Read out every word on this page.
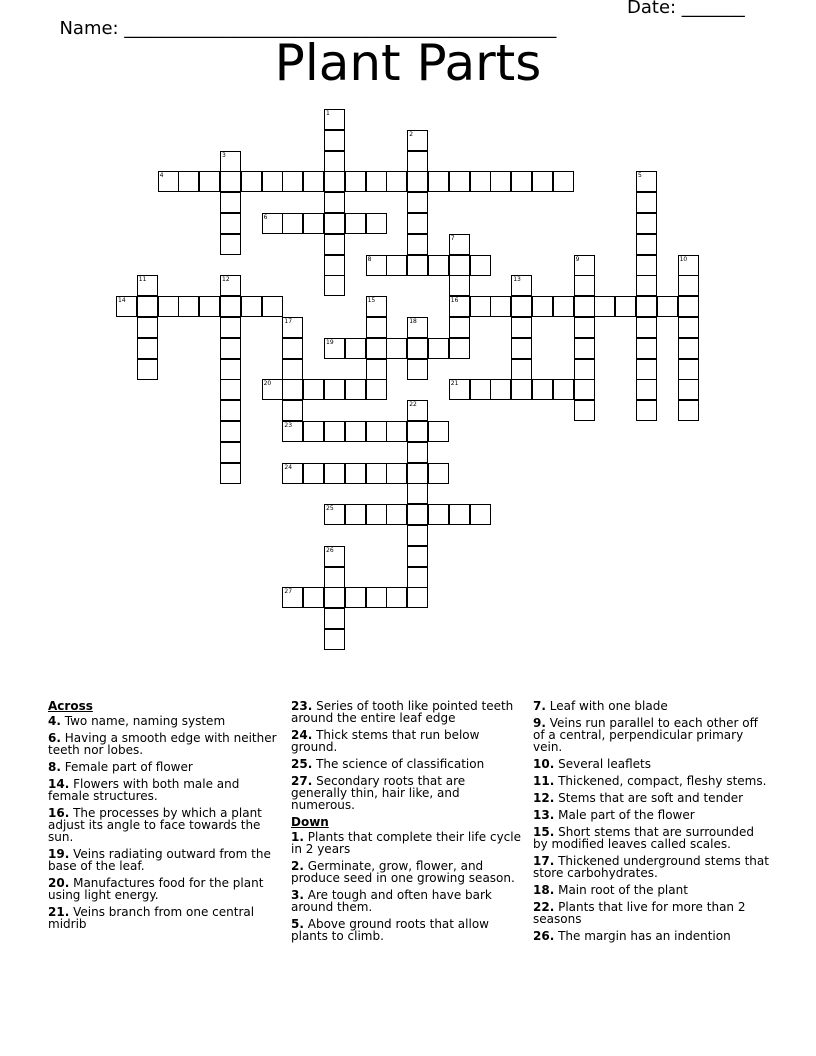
Name: ________________________________________________

Date: _______

Plant Parts
1
2
3
4	5
6
7
16
8	9	10
11	12	13
14	15
17	18
19
20	21
22
23
24
25
26
27
Across
4. Two name, naming system
6. Having a smooth edge with neither teeth nor lobes.
8. Female part of flower
14. Flowers with both male and female structures.
16. The processes by which a plant adjust its angle to face towards the sun.
19. Veins radiating outward from the base of the leaf.
20. Manufactures food for the plant using light energy.
21. Veins branch from one central midrib
23. Series of tooth like pointed teeth around the entire leaf edge
24. Thick stems that run below ground.
25. The science of classification
27. Secondary roots that are generally thin, hair like, and numerous.
Down
1. Plants that complete their life cycle in 2 years
2. Germinate, grow, flower, and produce seed in one growing season.
3. Are tough and often have bark around them.
5. Above ground roots that allow plants to climb.
7. Leaf with one blade
9. Veins run parallel to each other off of a central, perpendicular primary vein.
10. Several leaflets
11. Thickened, compact, fleshy stems.
12. Stems that are soft and tender
13. Male part of the flower
15. Short stems that are surrounded by modified leaves called scales.
17. Thickened underground stems that store carbohydrates.
18. Main root of the plant
22. Plants that live for more than 2 seasons
26. The margin has an indention
